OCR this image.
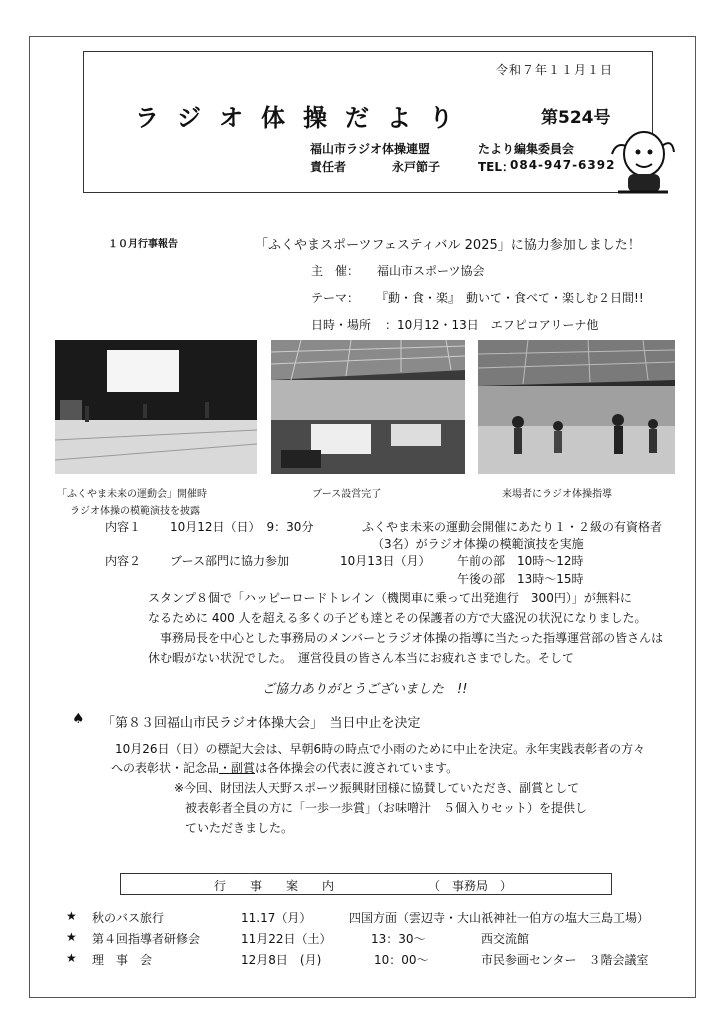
令和７年１１月１日
ラジオ体操だより	第524号
福山市ラジオ体操連盟	たより編集委員会
責任者	永戸節子	TEL：
084-947-6392
１０月行事報告	「ふくやまスポーツフェスティバル 2025」に協力参加しました！
主　催： 福山市スポーツ協会
テーマ： 『動・食・楽』　動いて・食べて・楽しむ２日間!!
日時・場所 ：10月12・13日　エフピコアリーナ他
「ふくやま未来の運動会」開催時	ブース設営完了	来場者にラジオ体操指導
ラジオ体操の模範演技を披露
内容１ 10月12日（日）　9：30分	ふくやま未来の運動会開催にあたり１・２級の有資格者
（3名）がラジオ体操の模範演技を実施
内容２ ブース部門に協力参加	10月13日（月） 午前の部　10時～12時
午後の部　13時～15時
スタンプ８個で「ハッピーロードトレイン（機関車に乗って出発進行　300円）」が無料に
なるために 400 人を超える多くの子ども達とその保護者の方で大盛況の状況になりました。
事務局長を中心とした事務局のメンバーとラジオ体操の指導に当たった指導運営部の皆さんは
休む暇がない状況でした。　運営役員の皆さん本当にお疲れさまでした。そして
ご協力ありがとうございました　!!
♠ 「第８３回福山市民ラジオ体操大会」　当日中止を決定
10月26日（日）の標記大会は、早朝6時の時点で小雨のために中止を決定。永年実践表彰者の方々
への表彰状・記念品・副賞は各体操会の代表に渡されています。
※今回、財団法人天野スポーツ振興財団様に協賛していただき、副賞として
被表彰者全員の方に「一歩一歩賞」（お味噌汁　５個入りセット）を提供し
ていただきました。
行　事　案　内	（　事務局　）
★ 秋のバス旅行	11.17（月）	四国方面（雲辺寺・大山祇神社一伯方の塩大三島工場）
★ 第４回指導者研修会	11月22日（土）	13：30～	西交流館
★ 理　事　会	12月8日　(月)	10：00～	市民参画センター　３階会議室
